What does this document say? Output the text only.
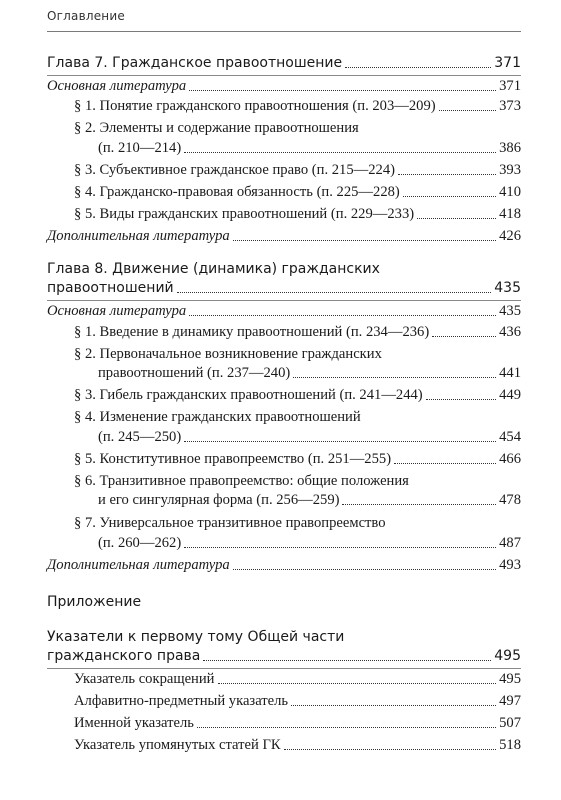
Оглавление
Глава 7. Гражданское правоотношение	371
Основная литература	371
§ 1. Понятие гражданского правоотношения (п. 203—209)	373
§ 2. Элементы и содержание правоотношения
(п. 210—214)	386
§ 3. Субъективное гражданское право (п. 215—224)	393
§ 4. Гражданско-правовая обязанность (п. 225—228)	410
§ 5. Виды гражданских правоотношений (п. 229—233)	418
Дополнительная литература	426
Глава 8. Движение (динамика) гражданских
правоотношений	435
Основная литература	435
§ 1. Введение в динамику правоотношений (п. 234—236)	436
§ 2. Первоначальное возникновение гражданских
правоотношений (п. 237—240)	441
§ 3. Гибель гражданских правоотношений (п. 241—244)	449
§ 4. Изменение гражданских правоотношений
(п. 245—250)	454
§ 5. Конститутивное правопреемство (п. 251—255)	466
§ 6. Транзитивное правопреемство: общие положения
и его сингулярная форма (п. 256—259)	478
§ 7. Универсальное транзитивное правопреемство
(п. 260—262)	487
Дополнительная литература	493
Приложение
Указатели к первому тому Общей части
гражданского права	495
Указатель сокращений	495
Алфавитно-предметный указатель	497
Именной указатель	507
Указатель упомянутых статей ГК	518
